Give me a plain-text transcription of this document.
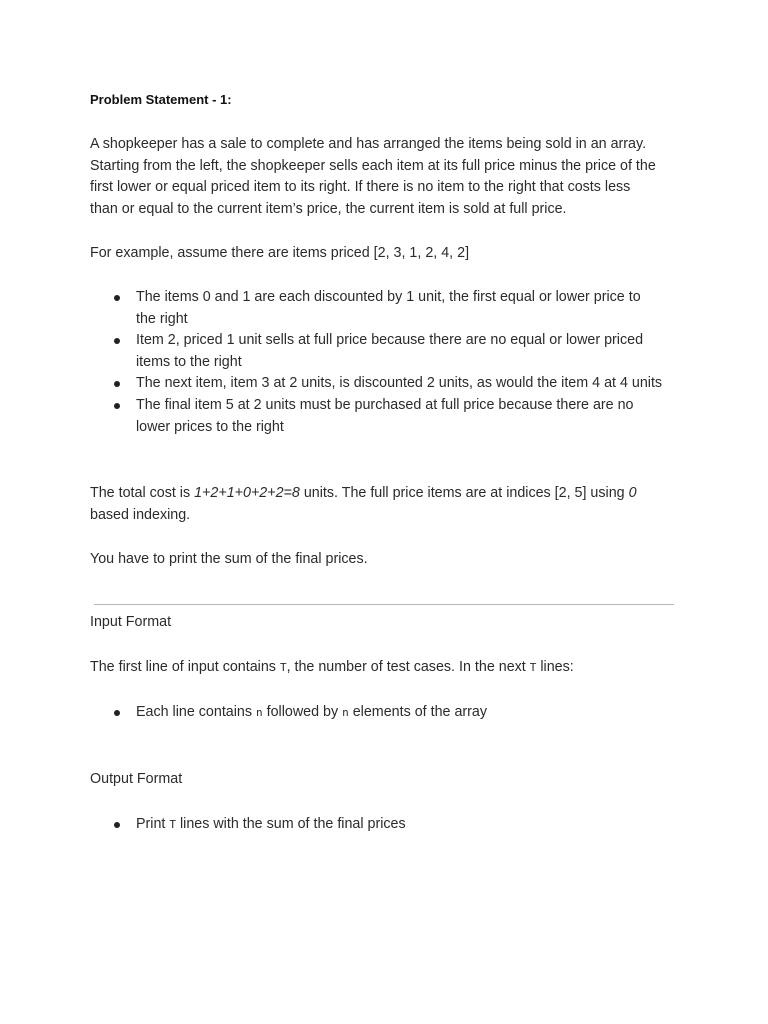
Problem Statement - 1:
A shopkeeper has a sale to complete and has arranged the items being sold in an array.
Starting from the left, the shopkeeper sells each item at its full price minus the price of the
first lower or equal priced item to its right. If there is no item to the right that costs less
than or equal to the current item’s price, the current item is sold at full price.
For example, assume there are items priced [2, 3, 1, 2, 4, 2]
The items 0 and 1 are each discounted by 1 unit, the first equal or lower price to
the right
Item 2, priced 1 unit sells at full price because there are no equal or lower priced
items to the right
The next item, item 3 at 2 units, is discounted 2 units, as would the item 4 at 4 units
The final item 5 at 2 units must be purchased at full price because there are no
lower prices to the right
The total cost is 1+2+1+0+2+2=8 units. The full price items are at indices [2, 5] using 0
based indexing.
You have to print the sum of the final prices.
Input Format
The first line of input contains T, the number of test cases. In the next T lines:
Each line contains n followed by n elements of the array
Output Format
Print T lines with the sum of the final prices
